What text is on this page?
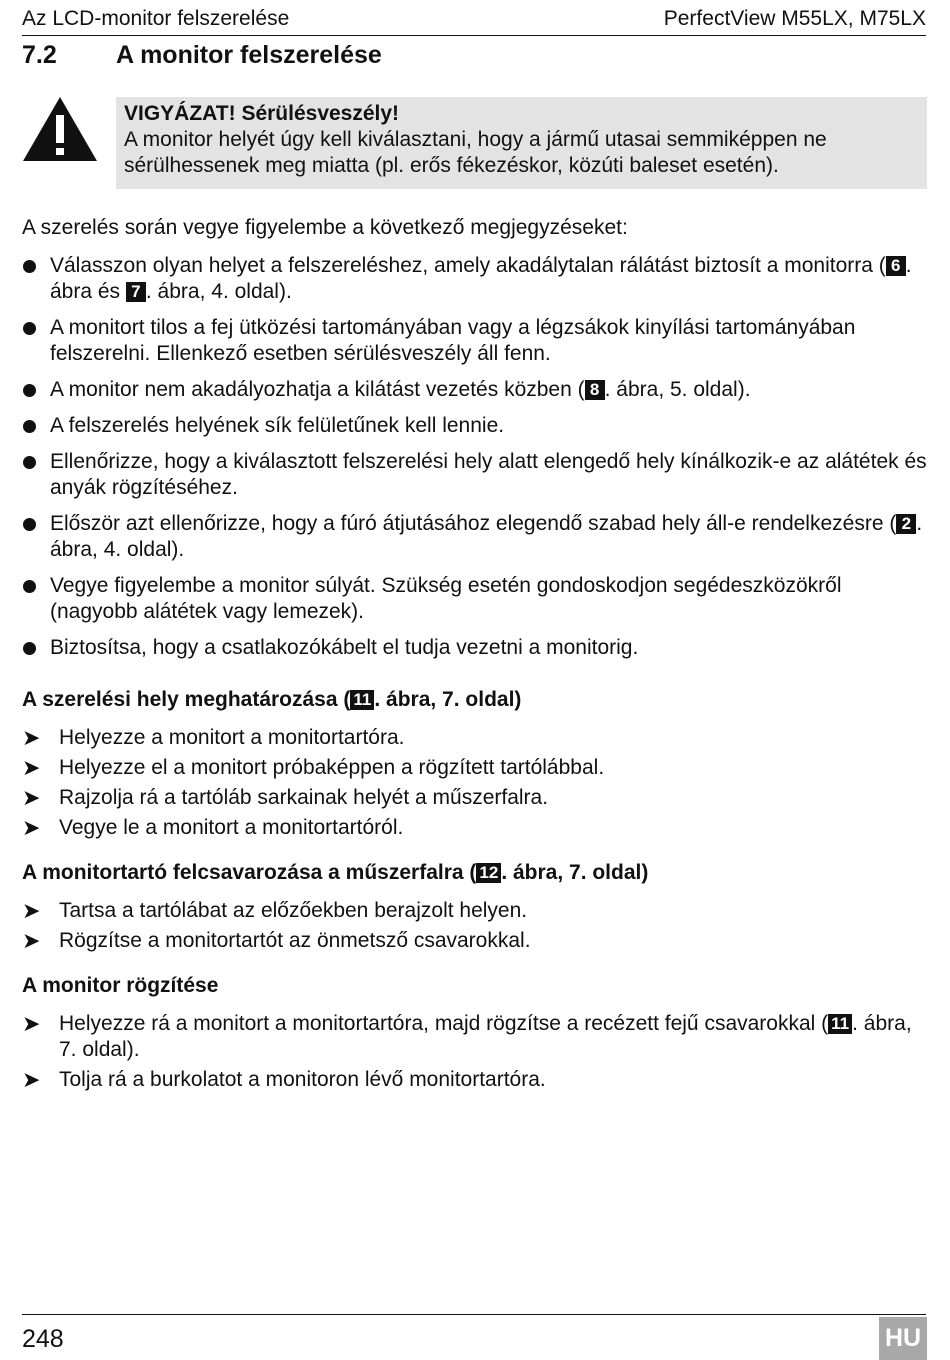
Az LCD-monitor felszerelése	PerfectView M55LX, M75LX
7.2 A monitor felszerelése
VIGYÁZAT! Sérülésveszély!
A monitor helyét úgy kell kiválasztani, hogy a jármű utasai semmiképpen ne sérülhessenek meg miatta (pl. erős fékezéskor, közúti baleset esetén).
A szerelés során vegye figyelembe a következő megjegyzéseket:
Válasszon olyan helyet a felszereléshez, amely akadálytalan rálátást biztosít a monitorra ( 6 . ábra és 7 . ábra, 4. oldal).
A monitort tilos a fej ütközési tartományában vagy a légzsákok kinyílási tartományában felszerelni. Ellenkező esetben sérülésveszély áll fenn.
A monitor nem akadályozhatja a kilátást vezetés közben ( 8 . ábra, 5. oldal).
A felszerelés helyének sík felületűnek kell lennie.
Ellenőrizze, hogy a kiválasztott felszerelési hely alatt elengedő hely kínálkozik-e az alátétek és anyák rögzítéséhez.
Először azt ellenőrizze, hogy a fúró átjutásához elegendő szabad hely áll-e rendelkezésre ( 2 . ábra, 4. oldal).
Vegye figyelembe a monitor súlyát. Szükség esetén gondoskodjon segédeszközökről (nagyobb alátétek vagy lemezek).
Biztosítsa, hogy a csatlakozókábelt el tudja vezetni a monitorig.
A szerelési hely meghatározása ( 11 . ábra, 7. oldal)
➤ Helyezze a monitort a monitortartóra.
➤ Helyezze el a monitort próbaképpen a rögzített tartólábbal.
➤ Rajzolja rá a tartóláb sarkainak helyét a műszerfalra.
➤ Vegye le a monitort a monitortartóról.
A monitortartó felcsavarozása a műszerfalra ( 12 . ábra, 7. oldal)
➤ Tartsa a tartólábat az előzőekben berajzolt helyen.
➤ Rögzítse a monitortartót az önmetsző csavarokkal.
A monitor rögzítése
➤ Helyezze rá a monitort a monitortartóra, majd rögzítse a recézett fejű csavarokkal ( 11 . ábra, 7. oldal).
➤ Tolja rá a burkolatot a monitoron lévő monitortartóra.
248	HU
